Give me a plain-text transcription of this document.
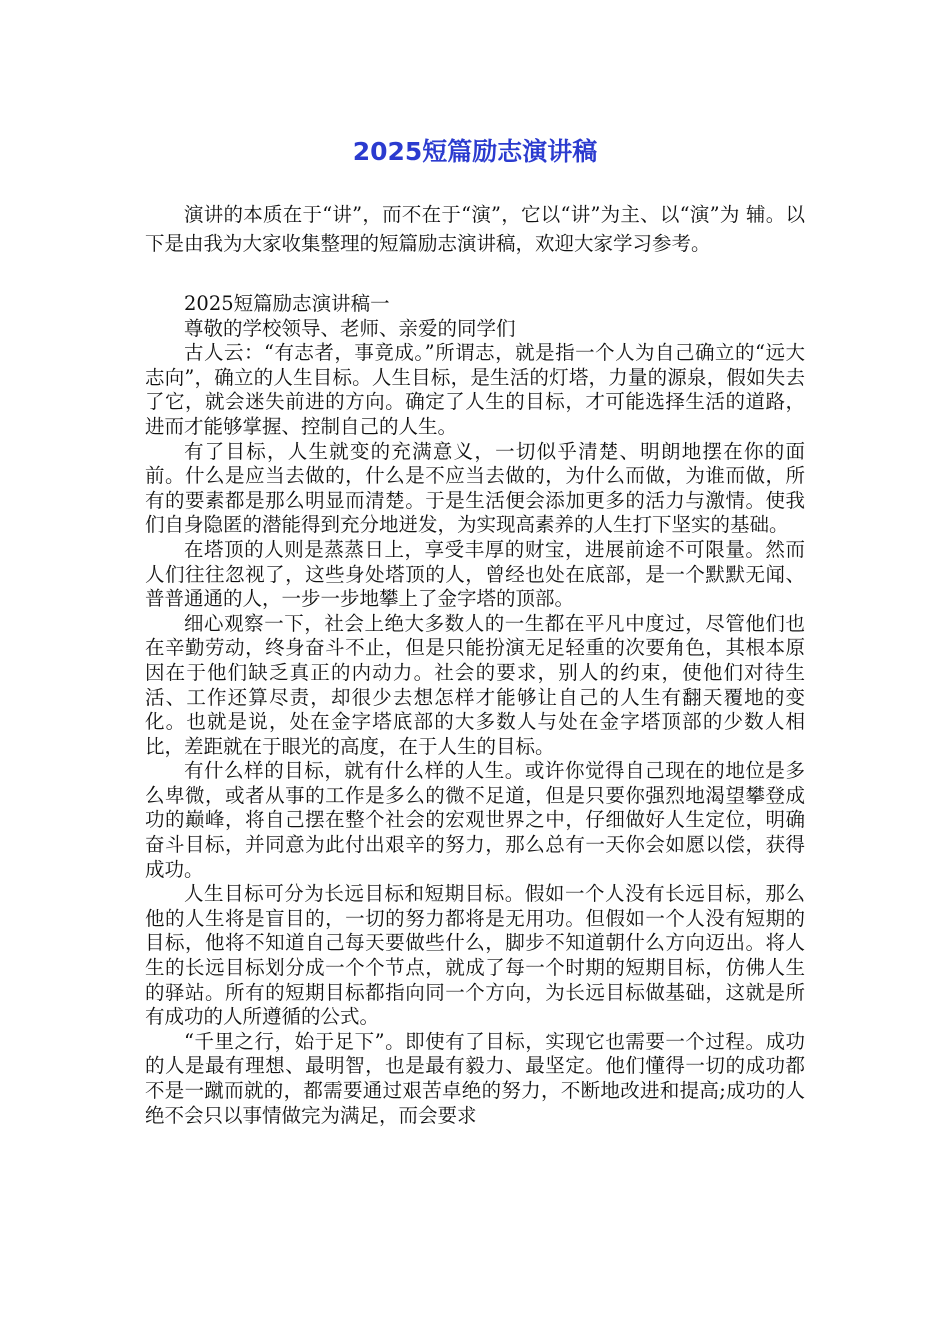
2025短篇励志演讲稿

演讲的本质在于“讲”，而不在于“演”，它以“讲”为主、以“演”为 辅。以下是由我为大家收集整理的短篇励志演讲稿，欢迎大家学习参考。

2025短篇励志演讲稿一

尊敬的学校领导、老师、亲爱的同学们

古人云：“有志者，事竟成。”所谓志，就是指一个人为自己确立的“远大志向”，确立的人生目标。人生目标，是生活的灯塔，力量的源泉，假如失去了它，就会迷失前进的方向。确定了人生的目标，才可能选择生活的道路，进而才能够掌握、控制自己的人生。

有了目标，人生就变的充满意义，一切似乎清楚、明朗地摆在你的面前。什么是应当去做的，什么是不应当去做的，为什么而做，为谁而做，所有的要素都是那么明显而清楚。于是生活便会添加更多的活力与激情。使我们自身隐匿的潜能得到充分地迸发，为实现高素养的人生打下坚实的基础。

在塔顶的人则是蒸蒸日上，享受丰厚的财宝，进展前途不可限量。然而人们往往忽视了，这些身处塔顶的人，曾经也处在底部，是一个默默无闻、普普通通的人，一步一步地攀上了金字塔的顶部。

细心观察一下，社会上绝大多数人的一生都在平凡中度过，尽管他们也在辛勤劳动，终身奋斗不止，但是只能扮演无足轻重的次要角色，其根本原因在于他们缺乏真正的内动力。社会的要求，别人的约束，使他们对待生活、工作还算尽责，却很少去想怎样才能够让自己的人生有翻天覆地的变化。也就是说，处在金字塔底部的大多数人与处在金字塔顶部的少数人相比，差距就在于眼光的高度，在于人生的目标。

有什么样的目标，就有什么样的人生。或许你觉得自己现在的地位是多么卑微，或者从事的工作是多么的微不足道，但是只要你强烈地渴望攀登成功的巅峰，将自己摆在整个社会的宏观世界之中，仔细做好人生定位，明确奋斗目标，并同意为此付出艰辛的努力，那么总有一天你会如愿以偿，获得成功。

人生目标可分为长远目标和短期目标。假如一个人没有长远目标，那么他的人生将是盲目的，一切的努力都将是无用功。但假如一个人没有短期的目标，他将不知道自己每天要做些什么，脚步不知道朝什么方向迈出。将人生的长远目标划分成一个个节点，就成了每一个时期的短期目标，仿佛人生的驿站。所有的短期目标都指向同一个方向，为长远目标做基础，这就是所有成功的人所遵循的公式。

“千里之行，始于足下”。即使有了目标，实现它也需要一个过程。成功的人是最有理想、最明智，也是最有毅力、最坚定。他们懂得一切的成功都不是一蹴而就的，都需要通过艰苦卓绝的努力，不断地改进和提高;成功的人绝不会只以事情做完为满足，而会要求
